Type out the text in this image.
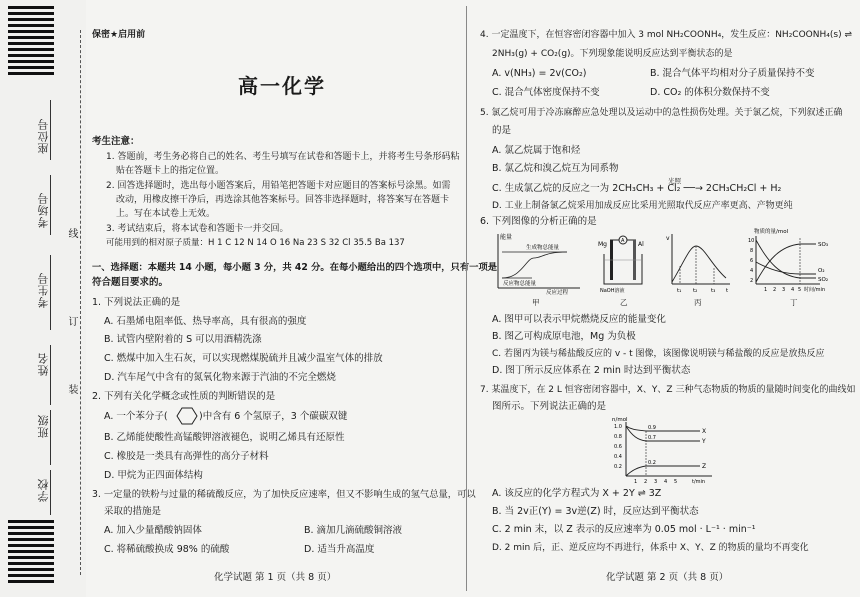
座位号
考场号
考生号
姓名
班级
学校
线
订
装
保密★启用前
高一化学
考生注意：
1. 答题前，考生务必将自己的姓名、考生号填写在试卷和答题卡上，并将考生号条形码粘
贴在答题卡上的指定位置。
2. 回答选择题时，选出每小题答案后，用铅笔把答题卡对应题目的答案标号涂黑。如需
改动，用橡皮擦干净后，再选涂其他答案标号。回答非选择题时，将答案写在答题卡
上。写在本试卷上无效。
3. 考试结束后，将本试卷和答题卡一并交回。
可能用到的相对原子质量：H 1 C 12 N 14 O 16 Na 23 S 32 Cl 35.5 Ba 137
一、选择题：本题共 14 小题，每小题 3 分，共 42 分。在每小题给出的四个选项中，只有一项是
符合题目要求的。
1. 下列说法正确的是
A. 石墨烯电阻率低、热导率高，具有很高的强度
B. 试管内壁附着的 S 可以用酒精洗涤
C. 燃煤中加入生石灰，可以实现燃煤脱硫并且减少温室气体的排放
D. 汽车尾气中含有的氮氧化物来源于汽油的不完全燃烧
2. 下列有关化学概念或性质的判断错误的是
A. 一个苯分子(	)中含有 6 个氢原子，3 个碳碳双键
B. 乙烯能使酸性高锰酸钾溶液褪色，说明乙烯具有还原性
C. 橡胶是一类具有高弹性的高分子材料
D. 甲烷为正四面体结构
3. 一定量的铁粉与过量的稀硫酸反应，为了加快反应速率，但又不影响生成的氢气总量，可以
采取的措施是
A. 加入少量醋酸钠固体	B. 滴加几滴硫酸铜溶液
C. 将稀硫酸换成 98% 的硫酸	D. 适当升高温度
化学试题 第 1 页（共 8 页）
4. 一定温度下，在恒容密闭容器中加入 3 mol NH₂COONH₄，发生反应：NH₂COONH₄(s) ⇌
2NH₃(g) + CO₂(g)。下列现象能说明反应达到平衡状态的是
A. v(NH₃) = 2v(CO₂)	B. 混合气体平均相对分子质量保持不变
C. 混合气体密度保持不变	D. CO₂ 的体积分数保持不变
5. 氯乙烷可用于冷冻麻醉应急处理以及运动中的急性损伤处理。关于氯乙烷，下列叙述正确
的是
A. 氯乙烷属于饱和烃
B. 氯乙烷和溴乙烷互为同系物
光照
C. 生成氯乙烷的反应之一为 2CH₃CH₃ + Cl₂ ──→ 2CH₃CH₂Cl + H₂
D. 工业上制备氯乙烷采用加成反应比采用光照取代反应产率更高、产物更纯
6. 下列图像的分析正确的是
能量
生成物总能量
反应物总能量
反应过程
甲
A
Mg	Al
NaOH溶液
乙
v
t₁ t₂ t₃ t
丙
物质的量/mol
10
8
6
4
2
SO₃
O₂
SO₂
1 2 3 4 5 时间/min
丁
A. 图甲可以表示甲烷燃烧反应的能量变化
B. 图乙可构成原电池，Mg 为负极
C. 若图丙为镁与稀盐酸反应的 v - t 图像，该图像说明镁与稀盐酸的反应是放热反应
D. 图丁所示反应体系在 2 min 时达到平衡状态
7. 某温度下，在 2 L 恒容密闭容器中，X、Y、Z 三种气态物质的物质的量随时间变化的曲线如
图所示。下列说法正确的是
n/mol
1.0
0.8
0.6
0.4
0.2
0.9
0.7
0.2
X
Y
Z
1 2 3 4 5	t/min
A. 该反应的化学方程式为 X + 2Y ⇌ 3Z
B. 当 2v正(Y) = 3v逆(Z) 时，反应达到平衡状态
C. 2 min 末，以 Z 表示的反应速率为 0.05 mol · L⁻¹ · min⁻¹
D. 2 min 后，正、逆反应均不再进行，体系中 X、Y、Z 的物质的量均不再变化
化学试题 第 2 页（共 8 页）
